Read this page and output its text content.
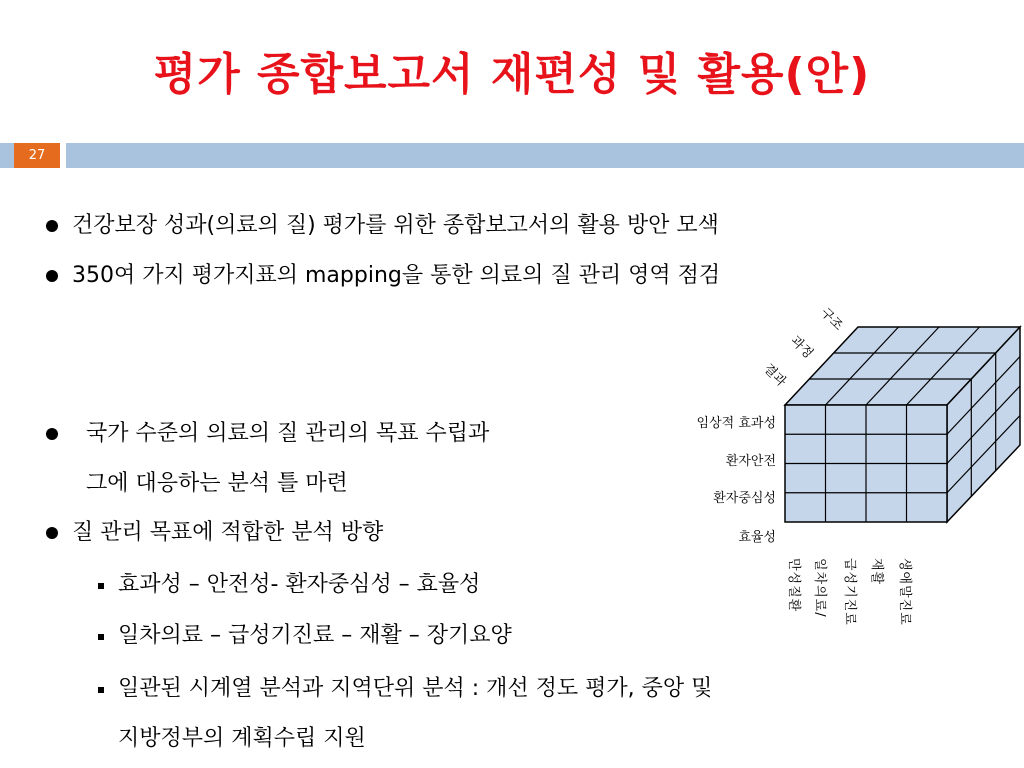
평가 종합보고서 재편성 및 활용(안)
27
건강보장 성과(의료의 질) 평가를 위한 종합보고서의 활용 방안 모색
350여 가지 평가지표의 mapping을 통한 의료의 질 관리 영역 점검
국가 수준의 의료의 질 관리의 목표 수립과
그에 대응하는 분석 틀 마련
질 관리 목표에 적합한 분석 방향
효과성 – 안전성- 환자중심성 – 효율성
일차의료 – 급성기진료 – 재활 – 장기요양
일관된 시계열 분석과 지역단위 분석 : 개선 정도 평가, 중앙 및
지방정부의 계획수립 지원
구조
과정
결과
임상적 효과성
환자안전
환자중심성
효율성
만성질환 일차의료/ 급성기진료 재활 생애말진료
